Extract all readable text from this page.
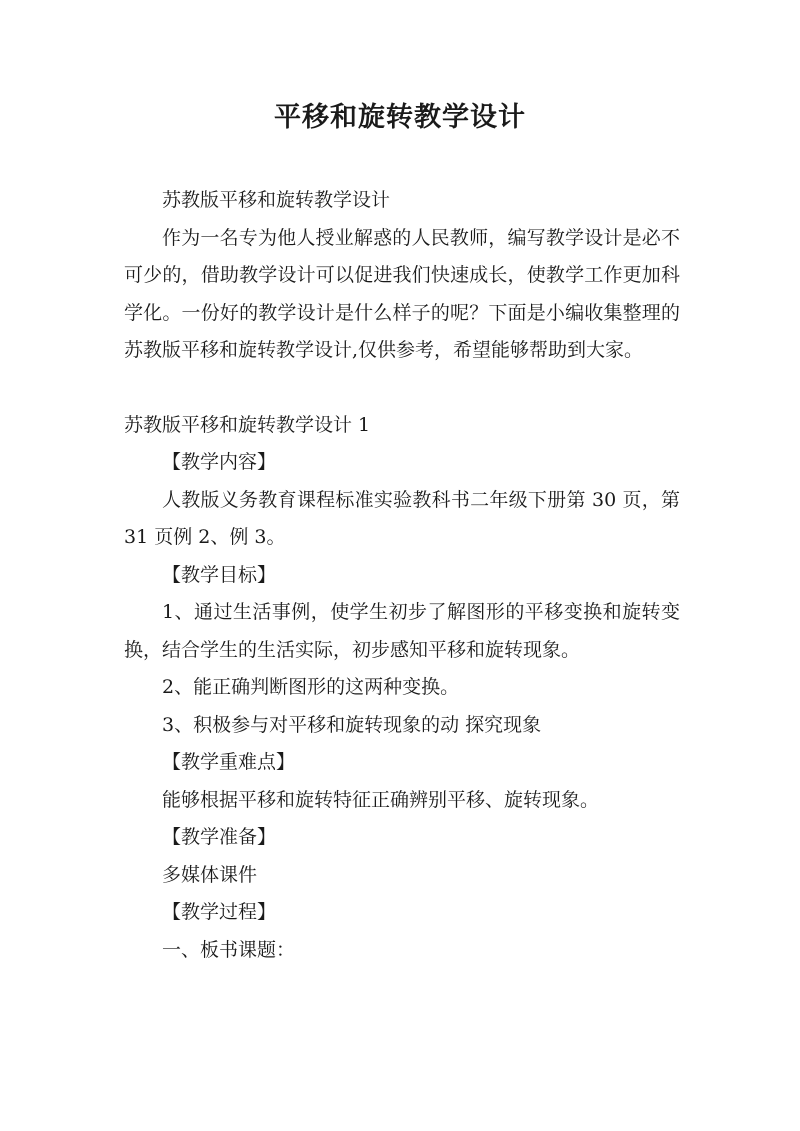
平移和旋转教学设计

苏教版平移和旋转教学设计

作为一名专为他人授业解惑的人民教师，编写教学设计是必不可少的，借助教学设计可以促进我们快速成长，使教学工作更加科学化。一份好的教学设计是什么样子的呢？下面是小编收集整理的苏教版平移和旋转教学设计,仅供参考，希望能够帮助到大家。

苏教版平移和旋转教学设计 1

【教学内容】

人教版义务教育课程标准实验教科书二年级下册第 30 页，第 31 页例 2、例 3。

【教学目标】

1、通过生活事例，使学生初步了解图形的平移变换和旋转变换，结合学生的生活实际，初步感知平移和旋转现象。

2、能正确判断图形的这两种变换。

3、积极参与对平移和旋转现象的动 探究现象

【教学重难点】

能够根据平移和旋转特征正确辨别平移、旋转现象。

【教学准备】

多媒体课件

【教学过程】

一、板书课题：
